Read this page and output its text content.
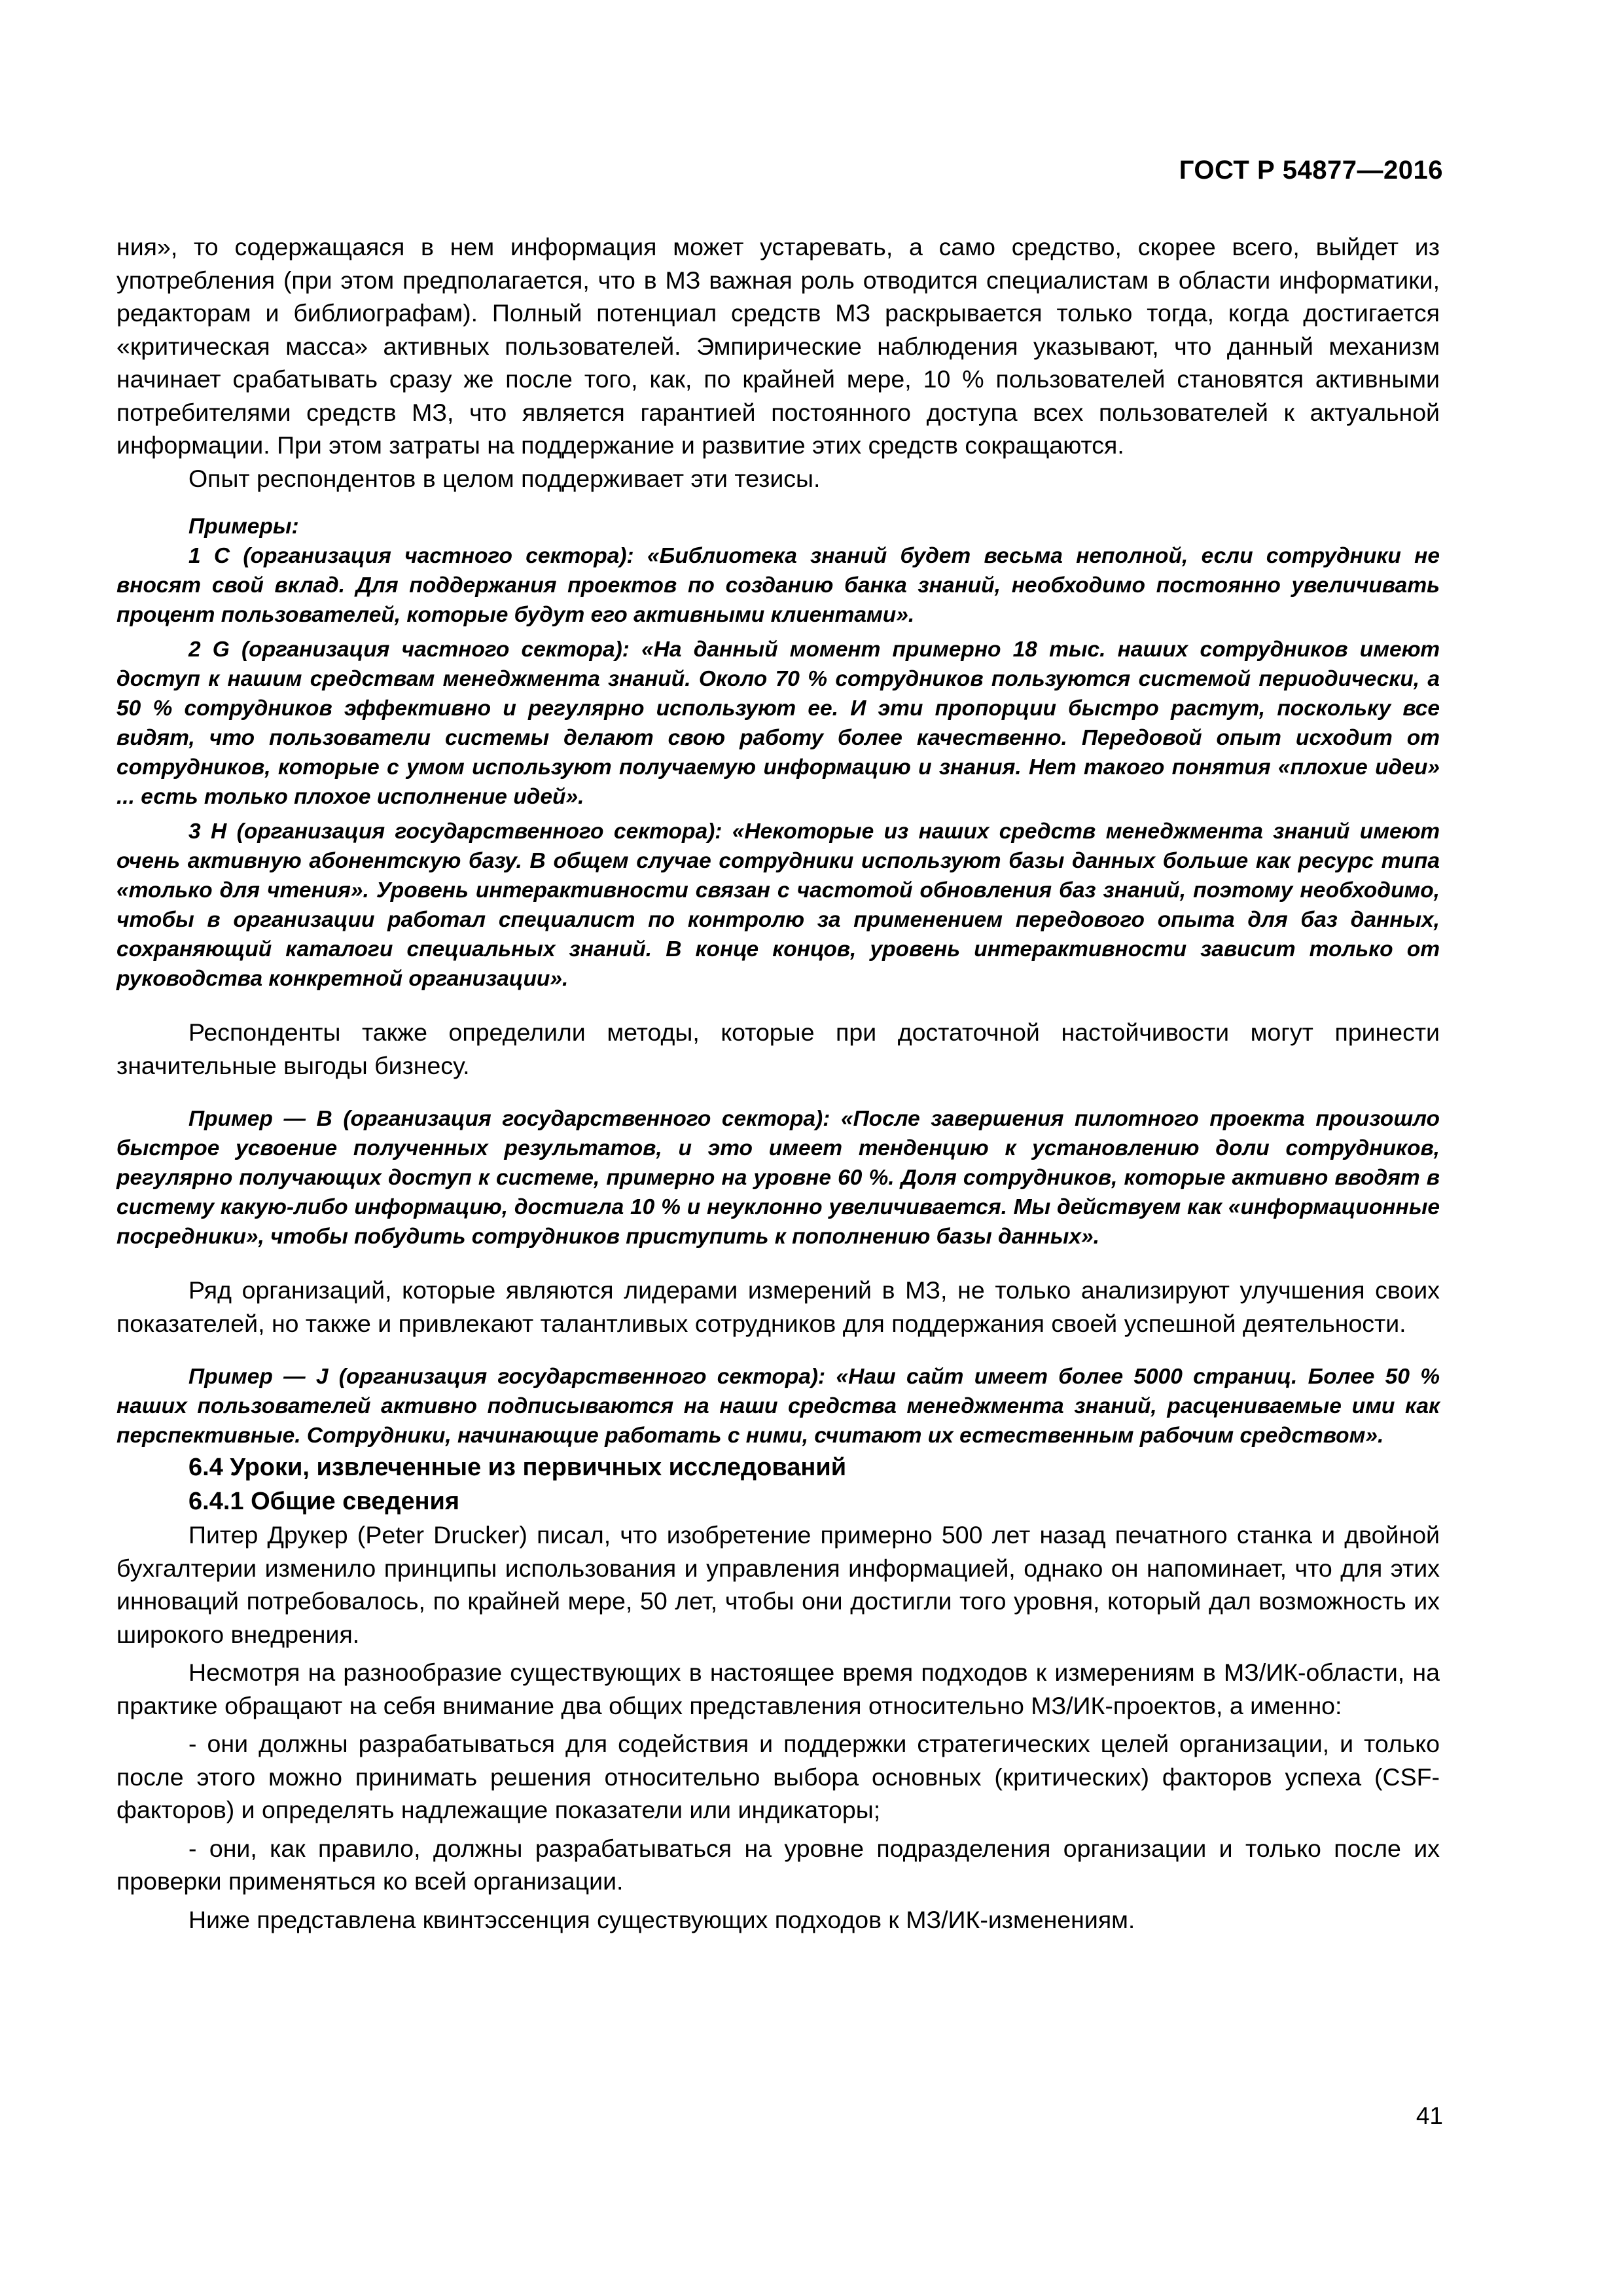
ГОСТ Р 54877—2016

ния», то содержащаяся в нем информация может устаревать, а само средство, скорее всего, выйдет из употребления (при этом предполагается, что в МЗ важная роль отводится специалистам в области информатики, редакторам и библиографам). Полный потенциал средств МЗ раскрывается только тогда, когда достигается «критическая масса» активных пользователей. Эмпирические наблюдения указывают, что данный механизм начинает срабатывать сразу же после того, как, по крайней мере, 10 % пользователей становятся активными потребителями средств МЗ, что является гарантией постоянного доступа всех пользователей к актуальной информации. При этом затраты на поддержание и развитие этих средств сокращаются.

Опыт респондентов в целом поддерживает эти тезисы.

Примеры:

1 С (организация частного сектора): «Библиотека знаний будет весьма неполной, если сотрудники не вносят свой вклад. Для поддержания проектов по созданию банка знаний, необходимо постоянно увеличивать процент пользователей, которые будут его активными клиентами».

2 G (организация частного сектора): «На данный момент примерно 18 тыс. наших сотрудников имеют доступ к нашим средствам менеджмента знаний. Около 70 % сотрудников пользуются системой периодически, а 50 % сотрудников эффективно и регулярно используют ее. И эти пропорции быстро растут, поскольку все видят, что пользователи системы делают свою работу более качественно. Передовой опыт исходит от сотрудников, которые с умом используют получаемую информацию и знания. Нет такого понятия «плохие идеи» ... есть только плохое исполнение идей».

3 Н (организация государственного сектора): «Некоторые из наших средств менеджмента знаний имеют очень активную абонентскую базу. В общем случае сотрудники используют базы данных больше как ресурс типа «только для чтения». Уровень интерактивности связан с частотой обновления баз знаний, поэтому необходимо, чтобы в организации работал специалист по контролю за применением передового опыта для баз данных, сохраняющий каталоги специальных знаний. В конце концов, уровень интерактивности зависит только от руководства конкретной организации».

Респонденты также определили методы, которые при достаточной настойчивости могут принести значительные выгоды бизнесу.

Пример — В (организация государственного сектора): «После завершения пилотного проекта произошло быстрое усвоение полученных результатов, и это имеет тенденцию к установлению доли сотрудников, регулярно получающих доступ к системе, примерно на уровне 60 %. Доля сотрудников, которые активно вводят в систему какую-либо информацию, достигла 10 % и неуклонно увеличивается. Мы действуем как «информационные посредники», чтобы побудить сотрудников приступить к пополнению базы данных».

Ряд организаций, которые являются лидерами измерений в МЗ, не только анализируют улучшения своих показателей, но также и привлекают талантливых сотрудников для поддержания своей успешной деятельности.

Пример — J (организация государственного сектора): «Наш сайт имеет более 5000 страниц. Более 50 % наших пользователей активно подписываются на наши средства менеджмента знаний, расцениваемые ими как перспективные. Сотрудники, начинающие работать с ними, считают их естественным рабочим средством».

6.4 Уроки, извлеченные из первичных исследований

6.4.1 Общие сведения

Питер Друкер (Peter Drucker) писал, что изобретение примерно 500 лет назад печатного станка и двойной бухгалтерии изменило принципы использования и управления информацией, однако он напоминает, что для этих инноваций потребовалось, по крайней мере, 50 лет, чтобы они достигли того уровня, который дал возможность их широкого внедрения.

Несмотря на разнообразие существующих в настоящее время подходов к измерениям в МЗ/ИК-области, на практике обращают на себя внимание два общих представления относительно МЗ/ИК-проектов, а именно:

- они должны разрабатываться для содействия и поддержки стратегических целей организации, и только после этого можно принимать решения относительно выбора основных (критических) факторов успеха (CSF-факторов) и определять надлежащие показатели или индикаторы;

- они, как правило, должны разрабатываться на уровне подразделения организации и только после их проверки применяться ко всей организации.

Ниже представлена квинтэссенция существующих подходов к МЗ/ИК-изменениям.

41
